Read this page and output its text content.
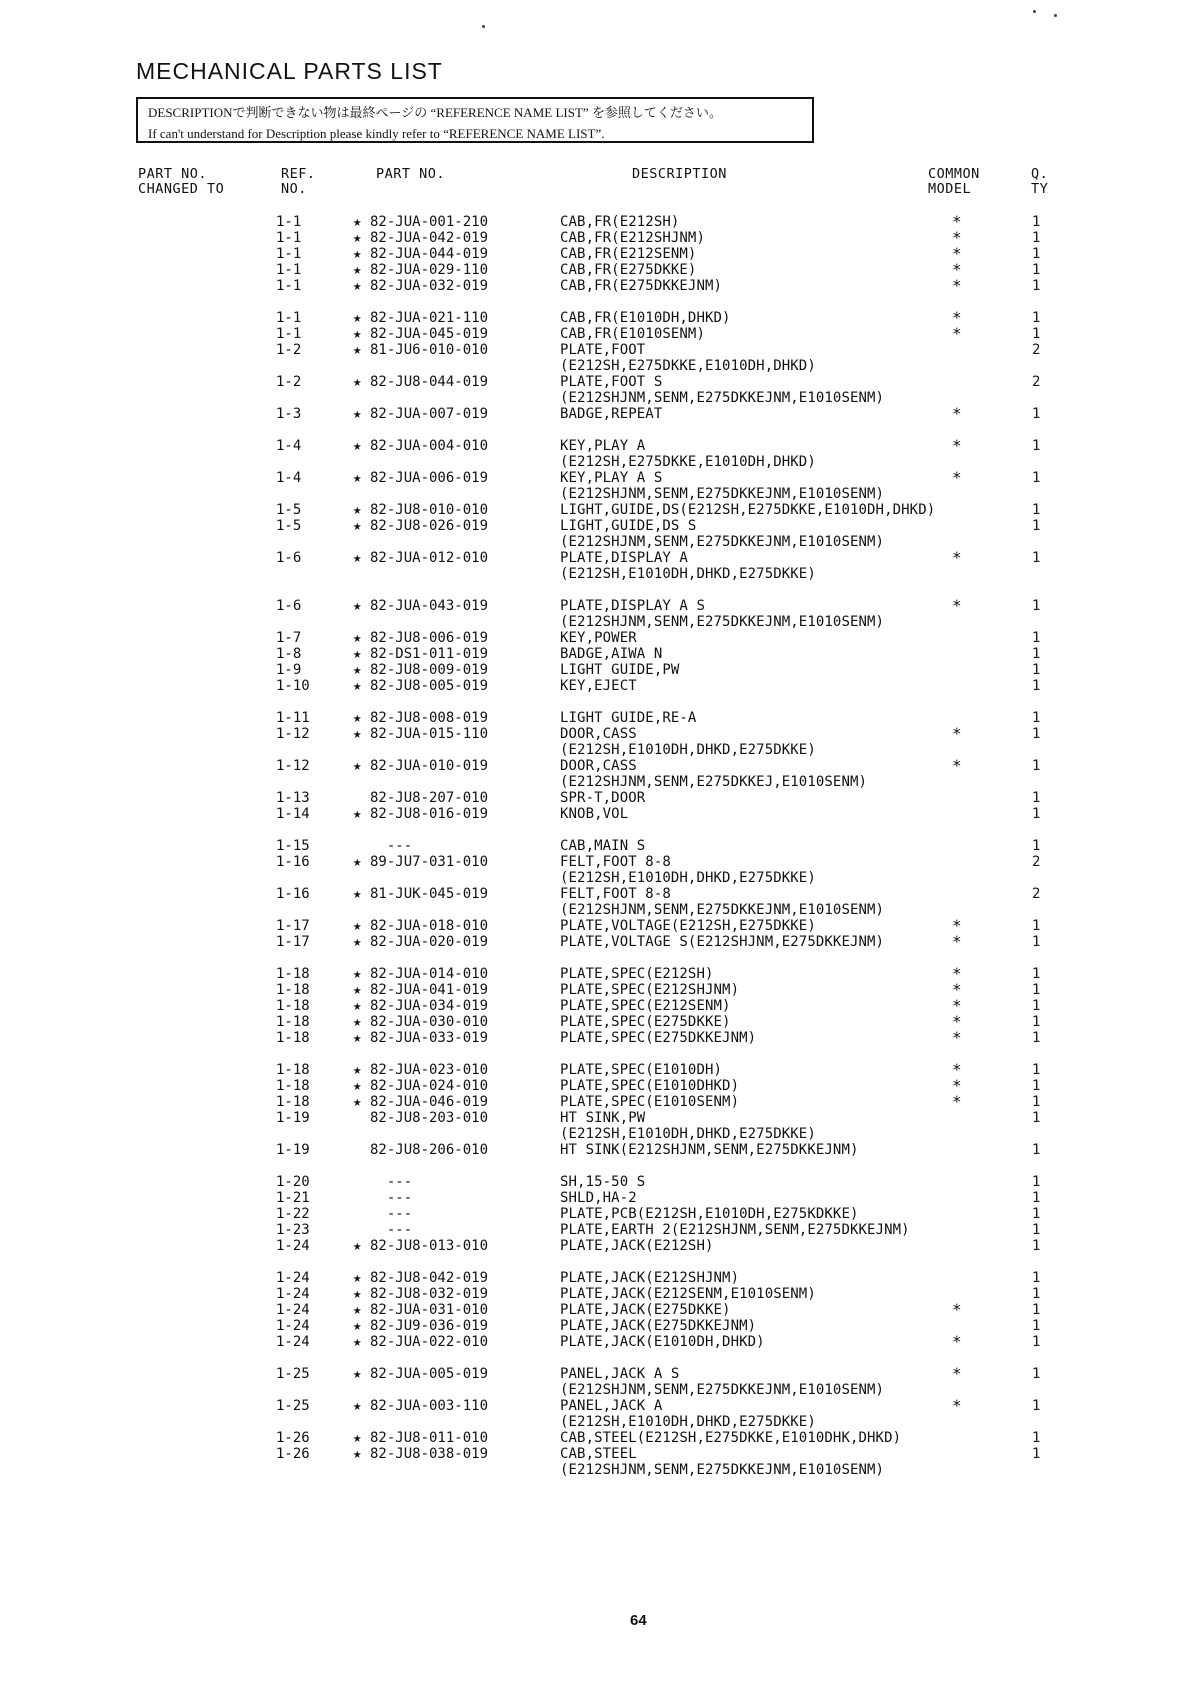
MECHANICAL PARTS LIST
DESCRIPTIONで判断できない物は最終ページの “REFERENCE NAME LIST” を参照してください。
If can't understand for Description please kindly refer to “REFERENCE NAME LIST”.
PART NO.
CHANGED TO
REF.
NO.
PART NO.	DESCRIPTION	COMMON
MODEL
Q.
TY
1-1	★ 82-JUA-001-210	CAB,FR(E212SH)	*	1
1-1	★ 82-JUA-042-019	CAB,FR(E212SHJNM)	*	1
1-1	★ 82-JUA-044-019	CAB,FR(E212SENM)	*	1
1-1	★ 82-JUA-029-110	CAB,FR(E275DKKE)	*	1
1-1	★ 82-JUA-032-019	CAB,FR(E275DKKEJNM)	*	1
1-1	★ 82-JUA-021-110	CAB,FR(E1010DH,DHKD)	*	1
1-1	★ 82-JUA-045-019	CAB,FR(E1010SENM)	*	1
1-2	★ 81-JU6-010-010	PLATE,FOOT	2
(E212SH,E275DKKE,E1010DH,DHKD)
1-2	★ 82-JU8-044-019	PLATE,FOOT S	2
(E212SHJNM,SENM,E275DKKEJNM,E1010SENM)
1-3	★ 82-JUA-007-019	BADGE,REPEAT	*	1
1-4	★ 82-JUA-004-010	KEY,PLAY A	*	1
(E212SH,E275DKKE,E1010DH,DHKD)
1-4	★ 82-JUA-006-019	KEY,PLAY A S	*	1
(E212SHJNM,SENM,E275DKKEJNM,E1010SENM)
1-5	★ 82-JU8-010-010	LIGHT,GUIDE,DS(E212SH,E275DKKE,E1010DH,DHKD)	1
1-5	★ 82-JU8-026-019	LIGHT,GUIDE,DS S	1
(E212SHJNM,SENM,E275DKKEJNM,E1010SENM)
1-6	★ 82-JUA-012-010	PLATE,DISPLAY A	*	1
(E212SH,E1010DH,DHKD,E275DKKE)
1-6	★ 82-JUA-043-019	PLATE,DISPLAY A S	*	1
(E212SHJNM,SENM,E275DKKEJNM,E1010SENM)
1-7	★ 82-JU8-006-019	KEY,POWER	1
1-8	★ 82-DS1-011-019	BADGE,AIWA N	1
1-9	★ 82-JU8-009-019	LIGHT GUIDE,PW	1
1-10	★ 82-JU8-005-019	KEY,EJECT	1
1-11	★ 82-JU8-008-019	LIGHT GUIDE,RE-A	1
1-12	★ 82-JUA-015-110	DOOR,CASS	*	1
(E212SH,E1010DH,DHKD,E275DKKE)
1-12	★ 82-JUA-010-019	DOOR,CASS	*	1
(E212SHJNM,SENM,E275DKKEJ,E1010SENM)
1-13	82-JU8-207-010	SPR-T,DOOR	1
1-14	★ 82-JU8-016-019	KNOB,VOL	1
1-15	---	CAB,MAIN S	1
1-16	★ 89-JU7-031-010	FELT,FOOT 8-8	2
(E212SH,E1010DH,DHKD,E275DKKE)
1-16	★ 81-JUK-045-019	FELT,FOOT 8-8	2
(E212SHJNM,SENM,E275DKKEJNM,E1010SENM)
1-17	★ 82-JUA-018-010	PLATE,VOLTAGE(E212SH,E275DKKE)	*	1
1-17	★ 82-JUA-020-019	PLATE,VOLTAGE S(E212SHJNM,E275DKKEJNM)	*	1
1-18	★ 82-JUA-014-010	PLATE,SPEC(E212SH)	*	1
1-18	★ 82-JUA-041-019	PLATE,SPEC(E212SHJNM)	*	1
1-18	★ 82-JUA-034-019	PLATE,SPEC(E212SENM)	*	1
1-18	★ 82-JUA-030-010	PLATE,SPEC(E275DKKE)	*	1
1-18	★ 82-JUA-033-019	PLATE,SPEC(E275DKKEJNM)	*	1
1-18	★ 82-JUA-023-010	PLATE,SPEC(E1010DH)	*	1
1-18	★ 82-JUA-024-010	PLATE,SPEC(E1010DHKD)	*	1
1-18	★ 82-JUA-046-019	PLATE,SPEC(E1010SENM)	*	1
1-19	82-JU8-203-010	HT SINK,PW	1
(E212SH,E1010DH,DHKD,E275DKKE)
1-19	82-JU8-206-010	HT SINK(E212SHJNM,SENM,E275DKKEJNM)	1
1-20	---	SH,15-50 S	1
1-21	---	SHLD,HA-2	1
1-22	---	PLATE,PCB(E212SH,E1010DH,E275KDKKE)	1
1-23	---	PLATE,EARTH 2(E212SHJNM,SENM,E275DKKEJNM)	1
1-24	★ 82-JU8-013-010	PLATE,JACK(E212SH)	1
1-24	★ 82-JU8-042-019	PLATE,JACK(E212SHJNM)	1
1-24	★ 82-JU8-032-019	PLATE,JACK(E212SENM,E1010SENM)	1
1-24	★ 82-JUA-031-010	PLATE,JACK(E275DKKE)	*	1
1-24	★ 82-JU9-036-019	PLATE,JACK(E275DKKEJNM)	1
1-24	★ 82-JUA-022-010	PLATE,JACK(E1010DH,DHKD)	*	1
1-25	★ 82-JUA-005-019	PANEL,JACK A S	*	1
(E212SHJNM,SENM,E275DKKEJNM,E1010SENM)
1-25	★ 82-JUA-003-110	PANEL,JACK A	*	1
(E212SH,E1010DH,DHKD,E275DKKE)
1-26	★ 82-JU8-011-010	CAB,STEEL(E212SH,E275DKKE,E1010DHK,DHKD)	1
1-26	★ 82-JU8-038-019	CAB,STEEL	1
(E212SHJNM,SENM,E275DKKEJNM,E1010SENM)
64
